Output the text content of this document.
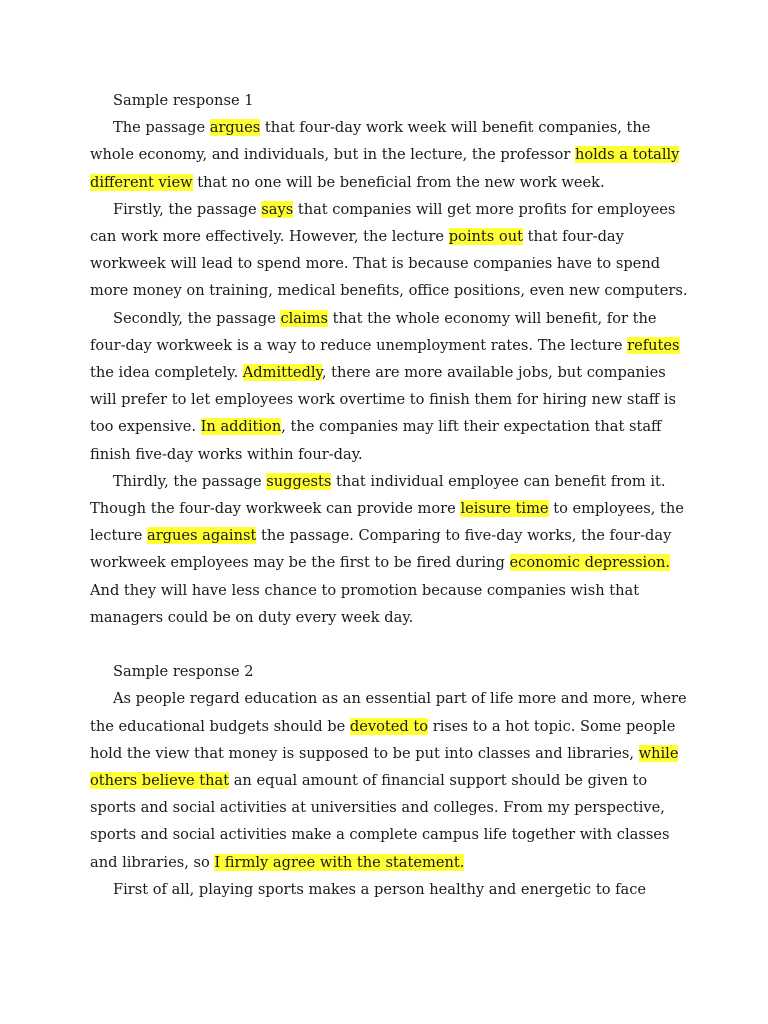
Sample response 1

The passage argues that four-day work week will benefit companies, the whole economy, and individuals, but in the lecture, the professor holds a totally different view that no one will be beneficial from the new work week.

Firstly, the passage says that companies will get more profits for employees can work more effectively. However, the lecture points out that four-day workweek will lead to spend more. That is because companies have to spend more money on training, medical benefits, office positions, even new computers.

Secondly, the passage claims that the whole economy will benefit, for the four-day workweek is a way to reduce unemployment rates. The lecture refutes the idea completely. Admittedly, there are more available jobs, but companies will prefer to let employees work overtime to finish them for hiring new staff is too expensive. In addition, the companies may lift their expectation that staff finish five-day works within four-day.

Thirdly, the passage suggests that individual employee can benefit from it. Though the four-day workweek can provide more leisure time to employees, the lecture argues against the passage. Comparing to five-day works, the four-day workweek employees may be the first to be fired during economic depression. And they will have less chance to promotion because companies wish that managers could be on duty every week day.

Sample response 2

As people regard education as an essential part of life more and more, where the educational budgets should be devoted to rises to a hot topic. Some people hold the view that money is supposed to be put into classes and libraries, while others believe that an equal amount of financial support should be given to sports and social activities at universities and colleges. From my perspective, sports and social activities make a complete campus life together with classes and libraries, so I firmly agree with the statement.

First of all, playing sports makes a person healthy and energetic to face
